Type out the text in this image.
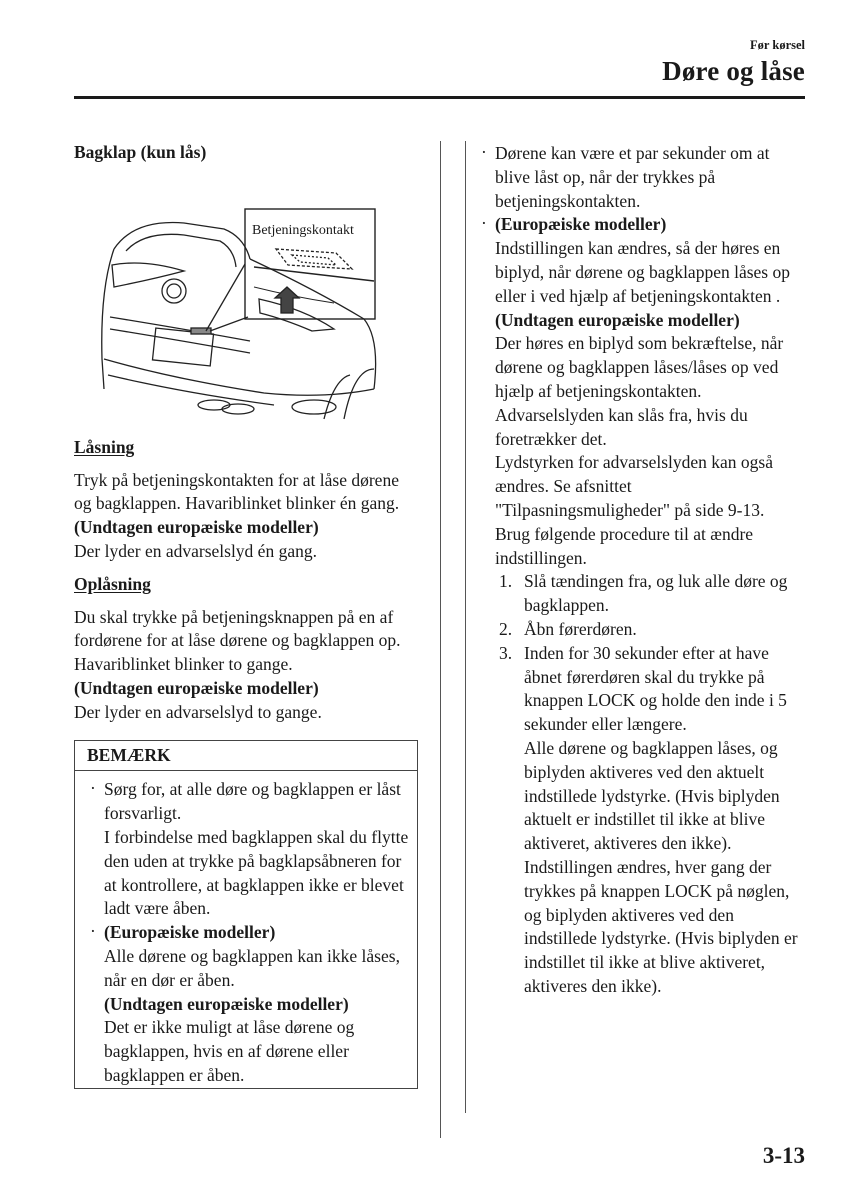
Før kørsel
Døre og låse

Bagklap (kun lås)

Betjeningskontakt

Låsning

Tryk på betjeningskontakten for at låse dørene og bagklappen. Havariblinket blinker én gang.

(Undtagen europæiske modeller)

Der lyder en advarselslyd én gang.

Oplåsning

Du skal trykke på betjeningsknappen på en af fordørene for at låse dørene og bagklappen op. Havariblinket blinker to gange.

(Undtagen europæiske modeller)

Der lyder en advarselslyd to gange.

BEMÆRK

· Sørg for, at alle døre og bagklappen er låst forsvarligt.

I forbindelse med bagklappen skal du flytte den uden at trykke på bagklapsåbneren for at kontrollere, at bagklappen ikke er blevet ladt være åben.

· (Europæiske modeller)

Alle dørene og bagklappen kan ikke låses, når en dør er åben.

(Undtagen europæiske modeller)

Det er ikke muligt at låse dørene og bagklappen, hvis en af dørene eller bagklappen er åben.

· Dørene kan være et par sekunder om at blive låst op, når der trykkes på betjeningskontakten.

· (Europæiske modeller)

Indstillingen kan ændres, så der høres en biplyd, når dørene og bagklappen låses op eller i ved hjælp af betjeningskontakten .

(Undtagen europæiske modeller)

Der høres en biplyd som bekræftelse, når dørene og bagklappen låses/låses op ved hjælp af betjeningskontakten.

Advarselslyden kan slås fra, hvis du foretrækker det.

Lydstyrken for advarselslyden kan også ændres. Se afsnittet "Tilpasningsmuligheder" på side 9-13.

Brug følgende procedure til at ændre indstillingen.

1. Slå tændingen fra, og luk alle døre og bagklappen.

2. Åbn førerdøren.

3. Inden for 30 sekunder efter at have åbnet førerdøren skal du trykke på knappen LOCK og holde den inde i 5 sekunder eller længere.

Alle dørene og bagklappen låses, og biplyden aktiveres ved den aktuelt indstillede lydstyrke. (Hvis biplyden aktuelt er indstillet til ikke at blive aktiveret, aktiveres den ikke). Indstillingen ændres, hver gang der trykkes på knappen LOCK på nøglen, og biplyden aktiveres ved den indstillede lydstyrke. (Hvis biplyden er indstillet til ikke at blive aktiveret, aktiveres den ikke).

3-13
